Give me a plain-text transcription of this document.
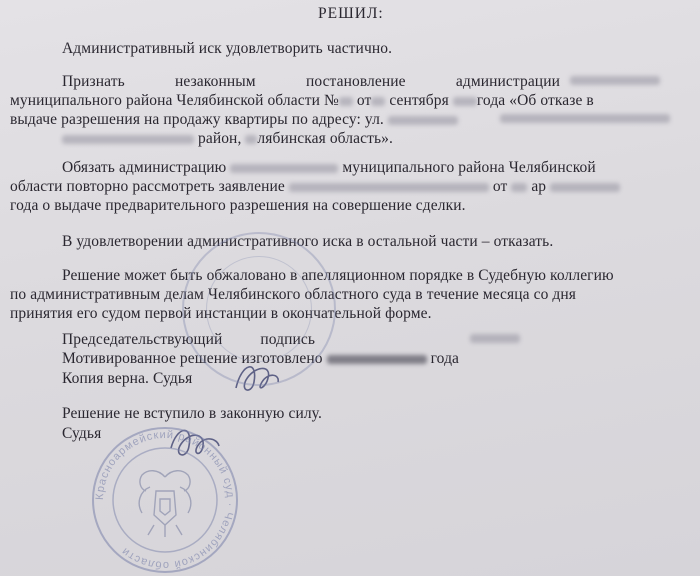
РЕШИЛ:
Административный иск удовлетворить частично.
Признать	незаконным	постановление	администрации
муниципального района Челябинской области № от сентября года «Об отказе в
выдаче разрешения на продажу квартиры по адресу: ул.
район, лябинская область».
Обязать администрацию	муниципального района Челябинской
области повторно рассмотреть заявление	от ар
года о выдаче предварительного разрешения на совершение сделки.
В удовлетворении административного иска в остальной части – отказать.
Решение может быть обжаловано в апелляционном порядке в Судебную коллегию
по административным делам Челябинского областного суда в течение месяца со дня
принятия его судом первой инстанции в окончательной форме.
Председательствующий подпись
Мотивированное решение изготовлено	года
Копия верна. Судья
Решение не вступило в законную силу.
Судья
Красноармейский районный суд · Челябинской области
